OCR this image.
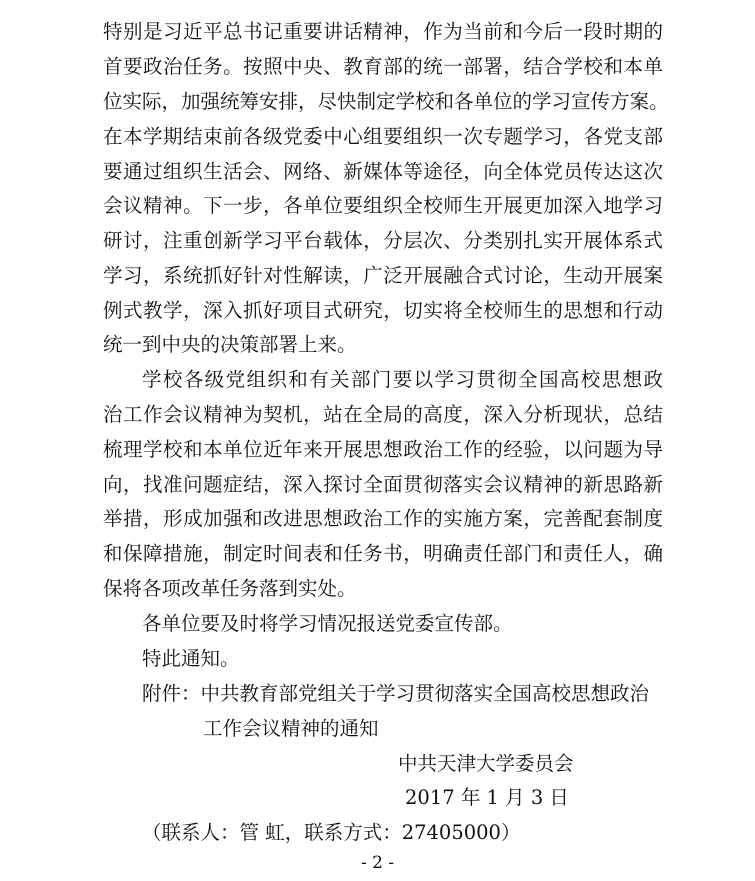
特别是习近平总书记重要讲话精神，作为当前和今后一段时期的
首要政治任务。按照中央、教育部的统一部署，结合学校和本单
位实际，加强统筹安排，尽快制定学校和各单位的学习宣传方案。
在本学期结束前各级党委中心组要组织一次专题学习，各党支部
要通过组织生活会、网络、新媒体等途径，向全体党员传达这次
会议精神。下一步，各单位要组织全校师生开展更加深入地学习
研讨，注重创新学习平台载体，分层次、分类别扎实开展体系式
学习，系统抓好针对性解读，广泛开展融合式讨论，生动开展案
例式教学，深入抓好项目式研究，切实将全校师生的思想和行动
统一到中央的决策部署上来。
学校各级党组织和有关部门要以学习贯彻全国高校思想政
治工作会议精神为契机，站在全局的高度，深入分析现状，总结
梳理学校和本单位近年来开展思想政治工作的经验，以问题为导
向，找准问题症结，深入探讨全面贯彻落实会议精神的新思路新
举措，形成加强和改进思想政治工作的实施方案，完善配套制度
和保障措施，制定时间表和任务书，明确责任部门和责任人，确
保将各项改革任务落到实处。
各单位要及时将学习情况报送党委宣传部。
特此通知。
附件：中共教育部党组关于学习贯彻落实全国高校思想政治
工作会议精神的通知
中共天津大学委员会
2017 年 1 月 3 日
（联系人：管 虹，联系方式：27405000）
- 2 -
